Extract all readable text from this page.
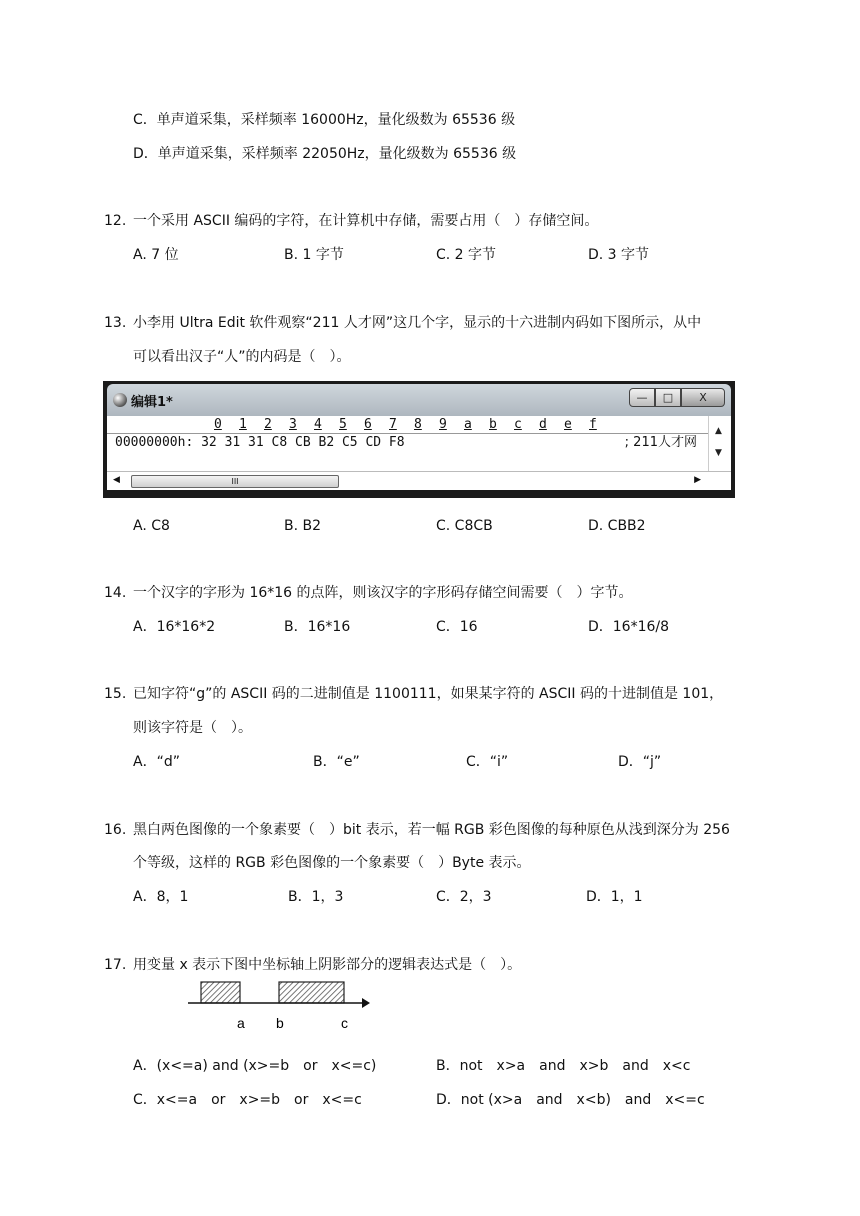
C．单声道采集，采样频率 16000Hz，量化级数为 65536 级
D．单声道采集，采样频率 22050Hz，量化级数为 65536 级
12. 一个采用 ASCII 编码的字符，在计算机中存储，需要占用（　）存储空间。
A. 7 位	B. 1 字节	C. 2 字节	D. 3 字节
13. 小李用 Ultra Edit 软件观察“211 人才网”这几个字，显示的十六进制内码如下图所示，从中
可以看出汉子“人”的内码是（　）。
编辑1*	—	□	X
0 1 2 3 4 5 6 7 8 9 a b c d e f
00000000h: 32 31 31 C8 CB B2 C5 CD F8	; 211人才网
▲
▼
◀	III	▶
A. C8	B. B2	C. C8CB	D. CBB2
14. 一个汉字的字形为 16*16 的点阵，则该汉字的字形码存储空间需要（　）字节。
A．16*16*2	B．16*16	C．16	D．16*16/8
15. 已知字符“g”的 ASCII 码的二进制值是 1100111，如果某字符的 ASCII 码的十进制值是 101，
则该字符是（　）。
A．“d”	B．“e”	C．“i”	D．“j”
16. 黑白两色图像的一个象素要（　）bit 表示，若一幅 RGB 彩色图像的每种原色从浅到深分为 256
个等级，这样的 RGB 彩色图像的一个象素要（　）Byte 表示。
A．8，1	B．1，3	C．2，3	D．1，1
17. 用变量 x 表示下图中坐标轴上阴影部分的逻辑表达式是（　）。
a b	c
A．(x<=a) and (x>=b　or　x<=c)	B．not　x>a　and　x>b　and　x<c
C．x<=a　or　x>=b　or　x<=c	D．not (x>a　and　x<b)　and　x<=c
